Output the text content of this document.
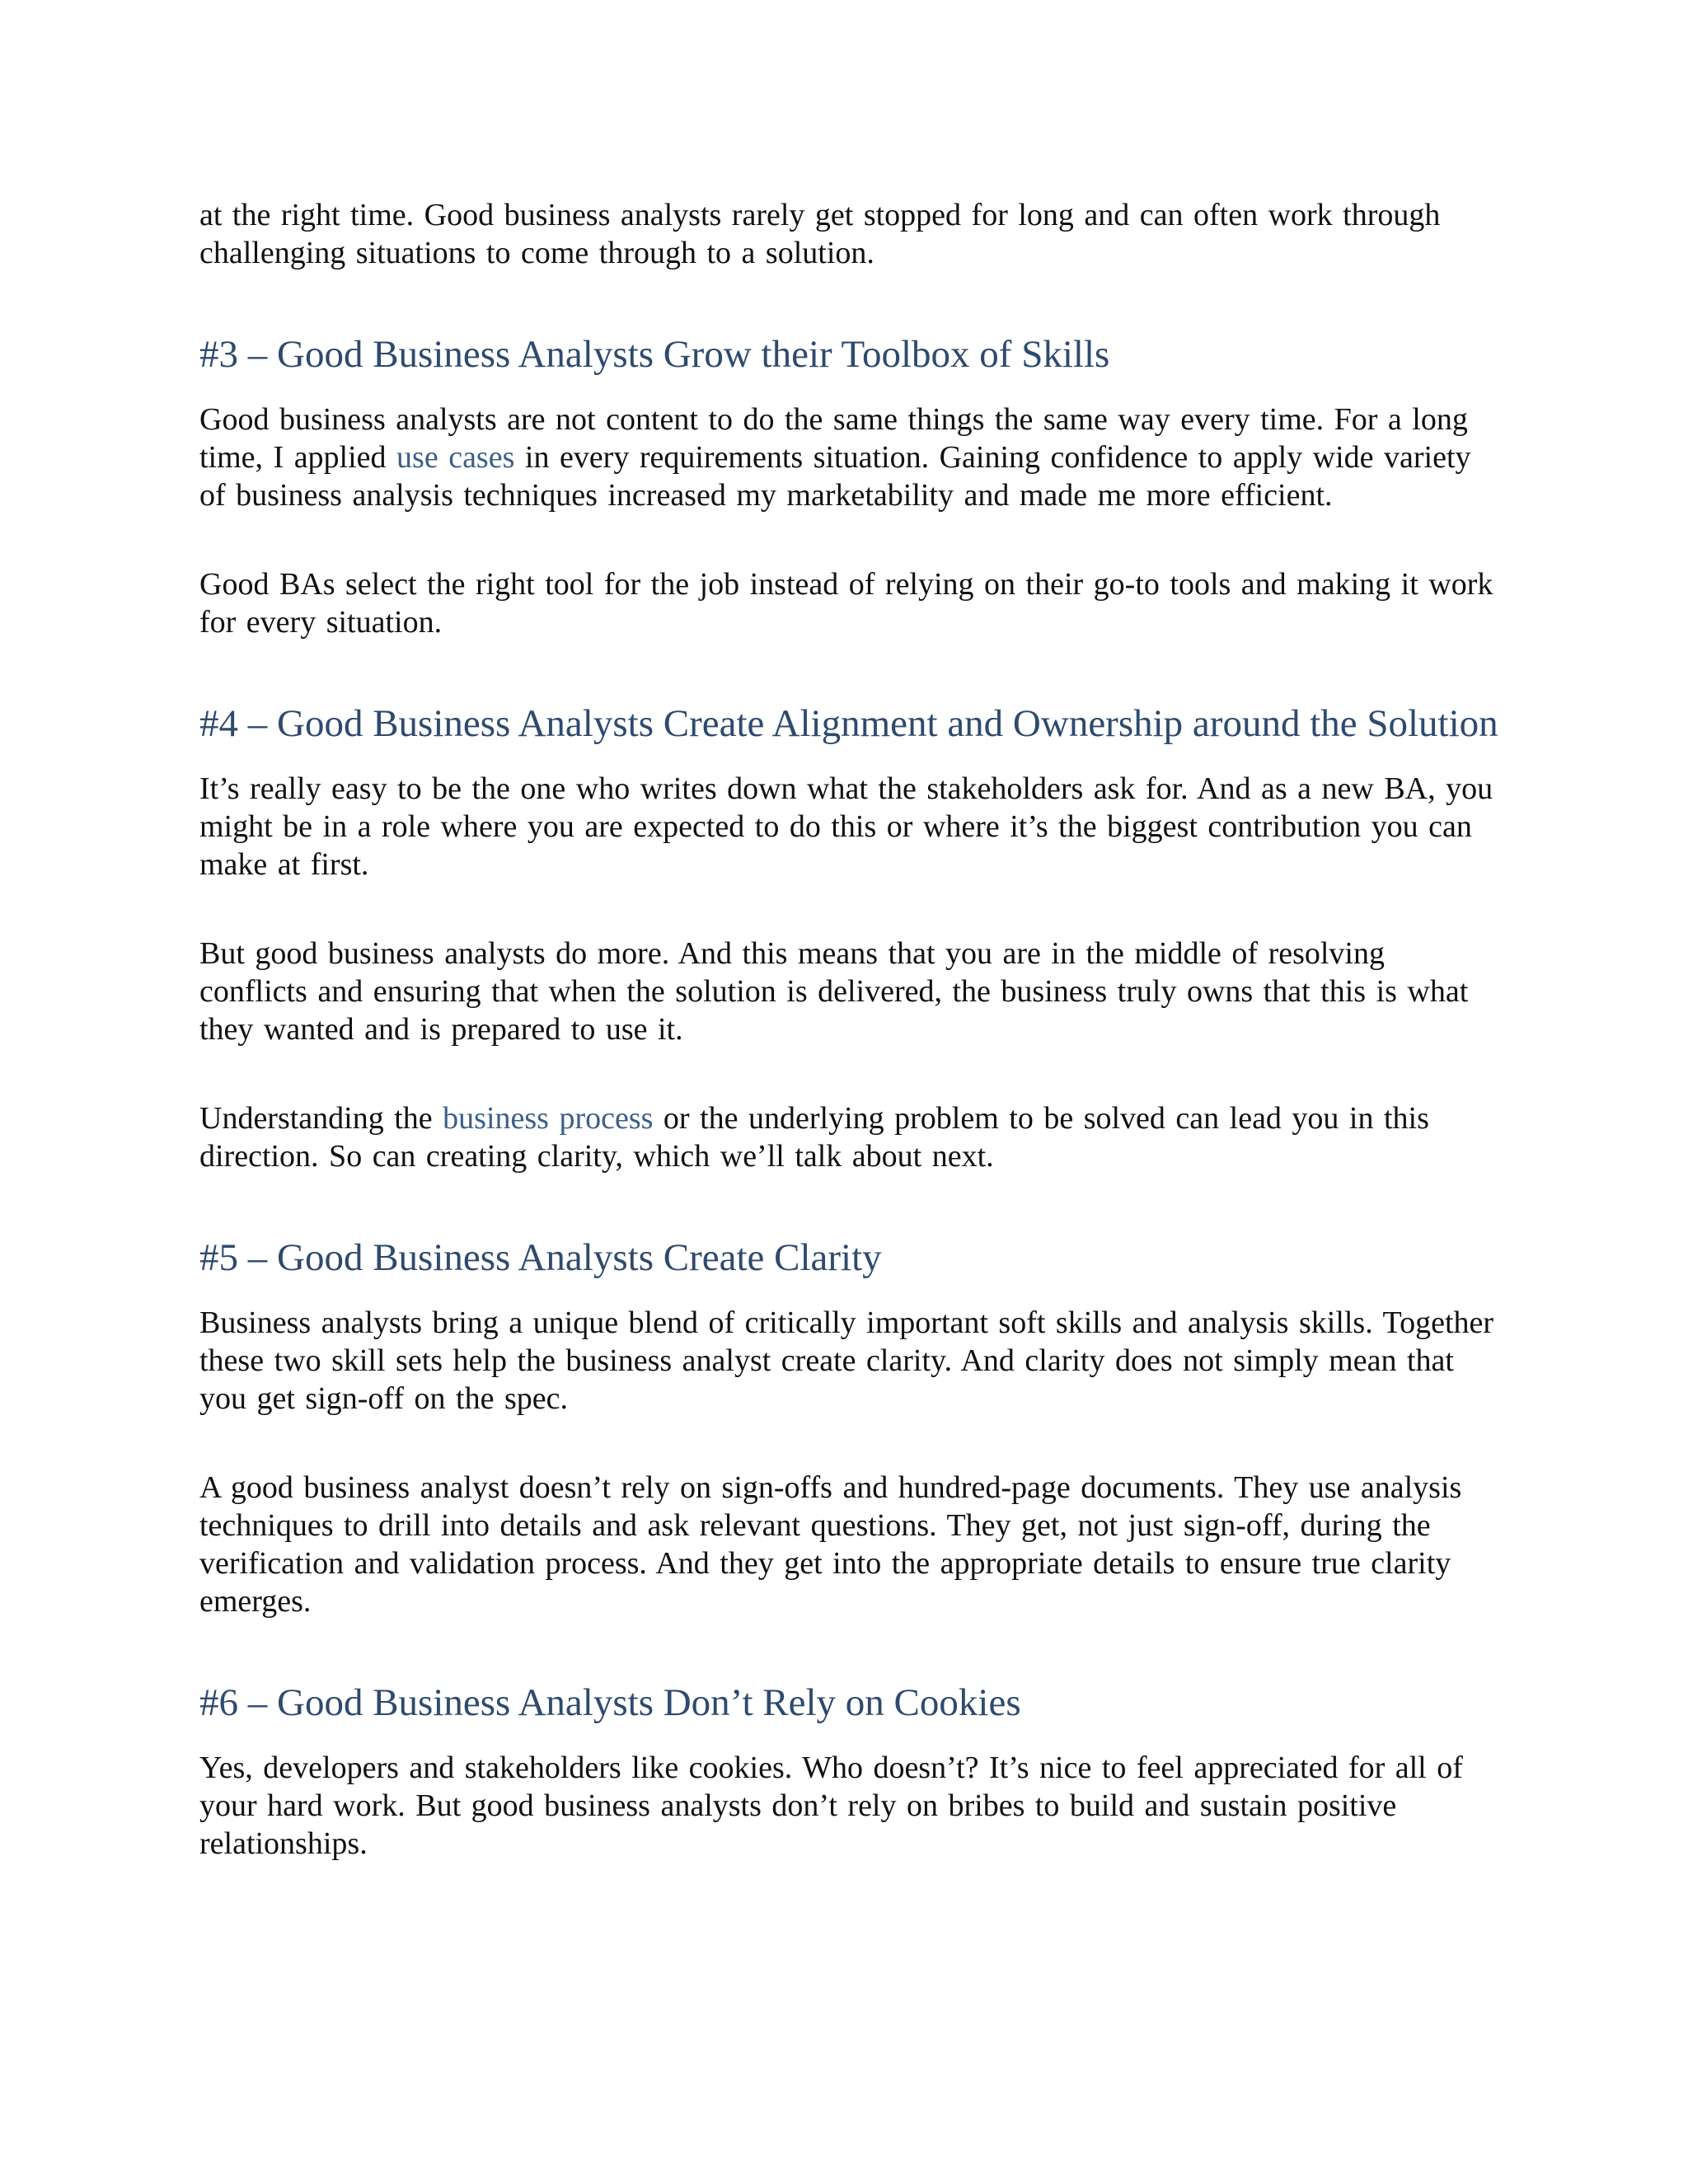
at the right time. Good business analysts rarely get stopped for long and can often work through challenging situations to come through to a solution.

#3 – Good Business Analysts Grow their Toolbox of Skills

Good business analysts are not content to do the same things the same way every time. For a long time, I applied use cases in every requirements situation. Gaining confidence to apply wide variety of business analysis techniques increased my marketability and made me more efficient.

Good BAs select the right tool for the job instead of relying on their go-to tools and making it work for every situation.

#4 – Good Business Analysts Create Alignment and Ownership around the Solution

It’s really easy to be the one who writes down what the stakeholders ask for. And as a new BA, you might be in a role where you are expected to do this or where it’s the biggest contribution you can make at first.

But good business analysts do more. And this means that you are in the middle of resolving conflicts and ensuring that when the solution is delivered, the business truly owns that this is what they wanted and is prepared to use it.

Understanding the business process or the underlying problem to be solved can lead you in this direction. So can creating clarity, which we’ll talk about next.

#5 – Good Business Analysts Create Clarity

Business analysts bring a unique blend of critically important soft skills and analysis skills. Together these two skill sets help the business analyst create clarity. And clarity does not simply mean that you get sign-off on the spec.

A good business analyst doesn’t rely on sign-offs and hundred-page documents. They use analysis techniques to drill into details and ask relevant questions. They get, not just sign-off, during the verification and validation process. And they get into the appropriate details to ensure true clarity emerges.

#6 – Good Business Analysts Don’t Rely on Cookies

Yes, developers and stakeholders like cookies. Who doesn’t? It’s nice to feel appreciated for all of your hard work. But good business analysts don’t rely on bribes to build and sustain positive relationships.
